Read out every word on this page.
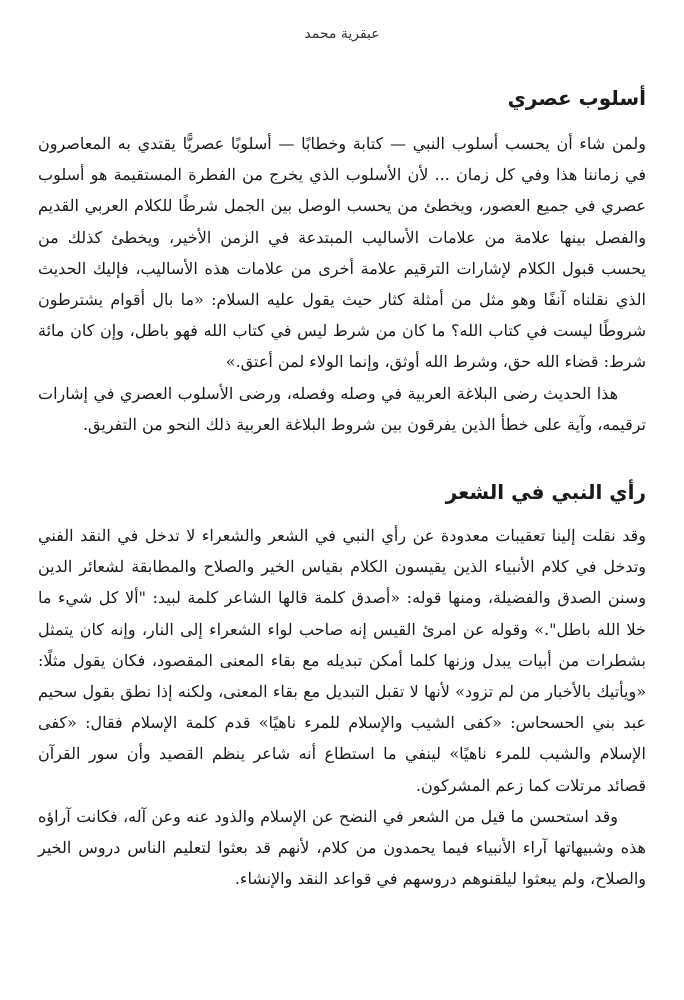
عبقرية محمد
أسلوب عصري

ولمن شاء أن يحسب أسلوب النبي — كتابة وخطابًا — أسلوبًا عصريًّا يقتدي به المعاصرون في زماننا هذا وفي كل زمان ... لأن الأسلوب الذي يخرج من الفطرة المستقيمة هو أسلوب عصري في جميع العصور، ويخطئ من يحسب الوصل بين الجمل شرطًا للكلام العربي القديم والفصل بينها علامة من علامات الأساليب المبتدعة في الزمن الأخير، ويخطئ كذلك من يحسب قبول الكلام لإشارات الترقيم علامة أخرى من علامات هذه الأساليب، فإليك الحديث الذي نقلناه آنفًا وهو مثل من أمثلة كثار حيث يقول عليه السلام: «ما بال أقوام يشترطون شروطًا ليست في كتاب الله؟ ما كان من شرط ليس في كتاب الله فهو باطل، وإن كان مائة شرط: قضاء الله حق، وشرط الله أوثق، وإنما الولاء لمن أعتق.»

هذا الحديث رضى البلاغة العربية في وصله وفصله، ورضى الأسلوب العصري في إشارات ترقيمه، وآية على خطأ الذين يفرقون بين شروط البلاغة العربية ذلك النحو من التفريق.

رأي النبي في الشعر

وقد نقلت إلينا تعقيبات معدودة عن رأي النبي في الشعر والشعراء لا تدخل في النقد الفني وتدخل في كلام الأنبياء الذين يقيسون الكلام بقياس الخير والصلاح والمطابقة لشعائر الدين وسنن الصدق والفضيلة، ومنها قوله: «أصدق كلمة قالها الشاعر كلمة لبيد: "ألا كل شيء ما خلا الله باطل".» وقوله عن امرئ القيس إنه صاحب لواء الشعراء إلى النار، وإنه كان يتمثل بشطرات من أبيات يبدل وزنها كلما أمكن تبديله مع بقاء المعنى المقصود، فكان يقول مثلًا: «ويأتيك بالأخبار من لم تزود» لأنها لا تقبل التبديل مع بقاء المعنى، ولكنه إذا نطق بقول سحيم عبد بني الحسحاس: «كفى الشيب والإسلام للمرء ناهيًا» قدم كلمة الإسلام فقال: «كفى الإسلام والشيب للمرء ناهيًا» لينفي ما استطاع أنه شاعر ينظم القصيد وأن سور القرآن قصائد مرتلات كما زعم المشركون.

وقد استحسن ما قيل من الشعر في النضح عن الإسلام والذود عنه وعن آله، فكانت آراؤه هذه وشبيهاتها آراء الأنبياء فيما يحمدون من كلام، لأنهم قد بعثوا لتعليم الناس دروس الخير والصلاح، ولم يبعثوا ليلقنوهم دروسهم في قواعد النقد والإنشاء.
